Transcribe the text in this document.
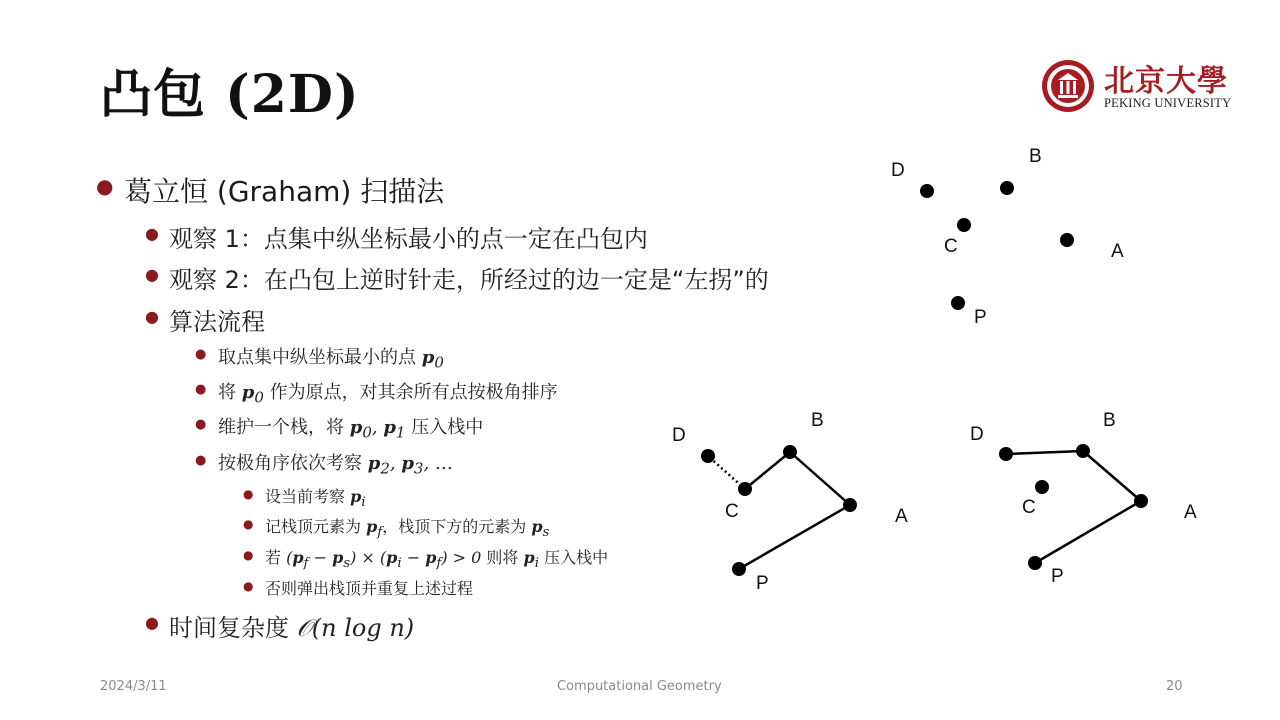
凸包 (2D)	北京大學
PEKING UNIVERSITY
● 葛立恒 (Graham) 扫描法
● 观察 1：点集中纵坐标最小的点一定在凸包内
● 观察 2：在凸包上逆时针走，所经过的边一定是“左拐”的
● 算法流程
● 取点集中纵坐标最小的点 $p_0$
● 将 $p_0$ 作为原点，对其余所有点按极角排序
● 维护一个栈，将 $p_0$, $p_1$ 压入栈中
● 按极角序依次考察 $p_2$, $p_3$, …
● 设当前考察 $p_i$
● 记栈顶元素为 $p_f$，栈顶下方的元素为 $p_s$
● 若 $(p_f - p_s) \times (p_i - p_f) > 0$ 则将 $p_i$ 压入栈中
● 否则弹出栈顶并重复上述过程
● 时间复杂度 𝒪(n log n)
D
B
C	A
P
D
B
C	A
P
D
B
C	A
P
2024/3/11	Computational Geometry	20
